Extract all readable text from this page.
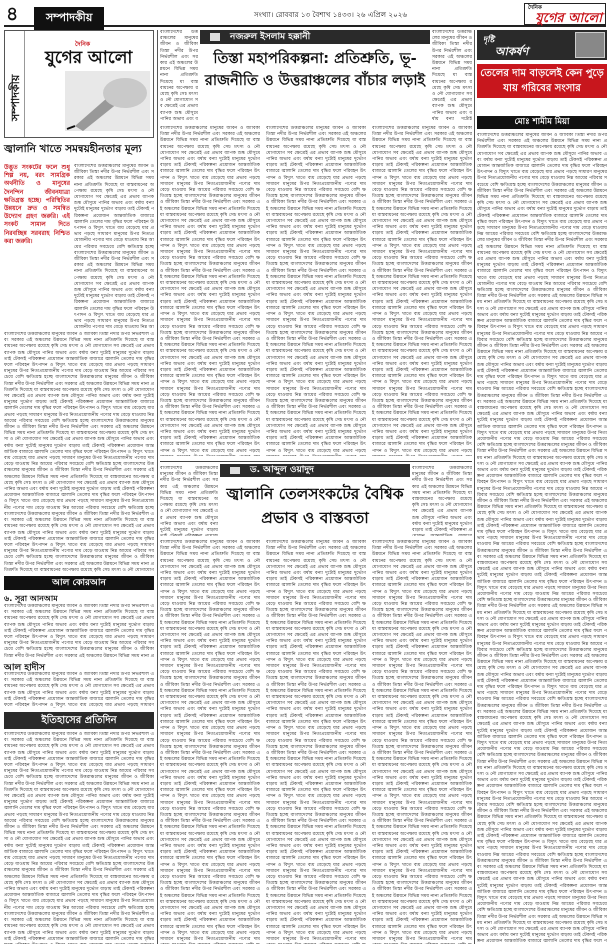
৪	সম্পাদকীয়	সংখ্যা। রোববার ১৩ বৈশাখ ১৪৩৩। ২৬ এপ্রিল ২০২৬
দৈনিক
যুগের আলো
সম্পাদকীয়
দৈনিক
যুগের আলো
জ্বালানি খাতে সমন্বয়হীনতার মূল্য
উদ্ভূত সংকটের ফলে শুধু শিল্প নয়, বরং সামগ্রিক অর্থনীতি ও মানুষের দৈনন্দিন জীবনযাত্রা ক্ষতিগ্রস্ত হচ্ছে। পরিস্থিতির উন্নয়নে দ্রুত ও সমন্বিত উদ্যোগ গ্রহণ জরুরি। এই সংকট সামাল দিতে নিরবচ্ছিন্ন সরবরাহ নিশ্চিত করা জরুরি।
বাংলাদেশের উত্তরাঞ্চলের মানুষের জীবন ও জীবিকা তিস্তা নদীর উপর নির্ভরশীল এবং সরকার এই অঞ্চলের উন্নয়নে বিভিন্ন সময় নানা প্রতিশ্রুতি দিয়েছে যা বাস্তবায়নের অপেক্ষায় রয়েছে কৃষি সেচ মৎস্য ও নৌ যোগাযোগ সব ক্ষেত্রেই এর প্রভাব ব্যাপক শুষ্ক মৌসুমে পানির অভাব এবং বর্ষায় বন্যা দুটোই মানুষের দুর্ভোগ বাড়ায় তাই টেকসই পরিকল্পনা প্রয়োজন আন্তর্জাতিক বাজারে জ্বালানি তেলের দাম বৃদ্ধির ফলে পরিবহন উৎপাদন ও বিদ্যুৎ খাতে ব্যয় বেড়েছে যার প্রভাব পড়ছে সাধারণ মানুষের উপর নিত্যপ্রয়োজনীয় পণ্যের দাম বেড়ে যাওয়ায় নিম্ন আয়ের পরিবার সবচেয়ে বেশি ক্ষতিগ্রস্ত হচ্ছে বাংলাদেশের উত্তরাঞ্চলের মানুষের জীবন ও জীবিকা তিস্তা নদীর উপর নির্ভরশীল এবং সরকার এই অঞ্চলের উন্নয়নে বিভিন্ন সময় নানা প্রতিশ্রুতি দিয়েছে যা বাস্তবায়নের অপেক্ষায় রয়েছে কৃষি সেচ মৎস্য ও নৌ যোগাযোগ সব ক্ষেত্রেই এর প্রভাব ব্যাপক শুষ্ক মৌসুমে পানির অভাব এবং বর্ষায় বন্যা দুটোই মানুষের দুর্ভোগ বাড়ায় তাই টেকসই পরিকল্পনা প্রয়োজন আন্তর্জাতিক বাজারে জ্বালানি তেলের দাম বৃদ্ধির ফলে পরিবহন উৎপাদন ও বিদ্যুৎ খাতে ব্যয় বেড়েছে যার প্রভাব পড়ছে সাধারণ মানুষের উপর নিত্যপ্রয়োজনীয় পণ্যের দাম বেড়ে যাওয়ায় নিম্ন আ
বাংলাদেশের উত্তরাঞ্চলের মানুষের জীবন ও জীবিকা তিস্তা নদীর উপর নির্ভরশীল এবং সরকার এই অঞ্চলের উন্নয়নে বিভিন্ন সময় নানা প্রতিশ্রুতি দিয়েছে যা বাস্তবায়নের অপেক্ষায় রয়েছে কৃষি সেচ মৎস্য ও নৌ যোগাযোগ সব ক্ষেত্রেই এর প্রভাব ব্যাপক শুষ্ক মৌসুমে পানির অভাব এবং বর্ষায় বন্যা দুটোই মানুষের দুর্ভোগ বাড়ায় তাই টেকসই পরিকল্পনা প্রয়োজন আন্তর্জাতিক বাজারে জ্বালানি তেলের দাম বৃদ্ধির ফলে পরিবহন উৎপাদন ও বিদ্যুৎ খাতে ব্যয় বেড়েছে যার প্রভাব পড়ছে সাধারণ মানুষের উপর নিত্যপ্রয়োজনীয় পণ্যের দাম বেড়ে যাওয়ায় নিম্ন আয়ের পরিবার সবচেয়ে বেশি ক্ষতিগ্রস্ত হচ্ছে বাংলাদেশের উত্তরাঞ্চলের মানুষের জীবন ও জীবিকা তিস্তা নদীর উপর নির্ভরশীল এবং সরকার এই অঞ্চলের উন্নয়নে বিভিন্ন সময় নানা প্রতিশ্রুতি দিয়েছে যা বাস্তবায়নের অপেক্ষায় রয়েছে কৃষি সেচ মৎস্য ও নৌ যোগাযোগ সব ক্ষেত্রেই এর প্রভাব ব্যাপক শুষ্ক মৌসুমে পানির অভাব এবং বর্ষায় বন্যা দুটোই মানুষের দুর্ভোগ বাড়ায় তাই টেকসই পরিকল্পনা প্রয়োজন আন্তর্জাতিক বাজারে জ্বালানি তেলের দাম বৃদ্ধির ফলে পরিবহন উৎপাদন ও বিদ্যুৎ খাতে ব্যয় বেড়েছে যার প্রভাব পড়ছে সাধারণ মানুষের উপর নিত্যপ্রয়োজনীয় পণ্যের দাম বেড়ে যাওয়ায় নিম্ন আয়ের পরিবার সবচেয়ে বেশি ক্ষতিগ্রস্ত হচ্ছে বাংলাদেশের উত্তরাঞ্চলের মানুষের জীবন ও জীবিকা তিস্তা নদীর উপর নির্ভরশীল এবং সরকার এই অঞ্চলের উন্নয়নে বিভিন্ন সময় নানা প্রতিশ্রুতি দিয়েছে যা বাস্তবায়নের অপেক্ষায় রয়েছে কৃষি সেচ মৎস্য ও নৌ যোগাযোগ সব ক্ষেত্রেই এর প্রভাব ব্যাপক শুষ্ক মৌসুমে পানির অভাব এবং বর্ষায় বন্যা দুটোই মানুষের দুর্ভোগ বাড়ায় তাই টেকসই পরিকল্পনা প্রয়োজন আন্তর্জাতিক বাজারে জ্বালানি তেলের দাম বৃদ্ধির ফলে পরিবহন উৎপাদন ও বিদ্যুৎ খাতে ব্যয় বেড়েছে যার প্রভাব পড়ছে সাধারণ মানুষের উপর নিত্যপ্রয়োজনীয় পণ্যের দাম বেড়ে যাওয়ায় নিম্ন আয়ের পরিবার সবচেয়ে বেশি ক্ষতিগ্রস্ত হচ্ছে বাংলাদেশের উত্তরাঞ্চলের মানুষের জীবন ও জীবিকা তিস্তা নদীর উপর নির্ভরশীল এবং সরকার এই অঞ্চলের উন্নয়নে বিভিন্ন সময় নানা প্রতিশ্রুতি দিয়েছে যা বাস্তবায়নের অপেক্ষায় রয়েছে কৃষি সেচ মৎস্য ও নৌ যোগাযোগ সব ক্ষেত্রেই এর প্রভাব ব্যাপক শুষ্ক মৌসুমে পানির অভাব এবং বর্ষায় বন্যা দুটোই মানুষের দুর্ভোগ বাড়ায় তাই টেকসই পরিকল্পনা প্রয়োজন আন্তর্জাতিক বাজারে জ্বালানি তেলের দাম বৃদ্ধির ফলে পরিবহন উৎপাদন ও বিদ্যুৎ খাতে ব্যয় বেড়েছে যার প্রভাব পড়ছে সাধারণ মানুষের উপর নিত্যপ্রয়োজনীয় পণ্যের দাম বেড়ে যাওয়ায় নিম্ন আয়ের পরিবার সবচেয়ে বেশি ক্ষতিগ্রস্ত হচ্ছে বাংলাদেশের উত্তরাঞ্চলের মানুষের জীবন ও জীবিকা তিস্তা নদীর উপর নির্ভরশীল এবং সরকার এই অঞ্চলের উন্নয়নে বিভিন্ন সময় নানা প্রতিশ্রুতি দিয়েছে যা বাস্তবায়নের অপেক্ষায় রয়েছে কৃষি সেচ মৎস্য ও নৌ যোগাযোগ সব ক্ষেত্রেই এর প্রভাব ব্যাপক শুষ্ক মৌসুমে পানির অভাব এবং বর্ষায় বন্যা দুটোই মানুষের দুর্ভোগ বাড়ায় তাই টেকসই পরিকল্পনা প্রয়োজন আন্তর্জাতিক বাজারে জ্বালানি তেলের দাম বৃদ্ধির ফলে পরিবহন উৎপাদন ও বিদ্যুৎ খাতে ব্যয় বেড়েছে যার প্রভাব পড়ছে সাধারণ মানুষের উপর নিত্যপ্রয়োজনীয় পণ্যের দাম বেড়ে যাওয়ায় নিম্ন আয়ের পরিবার সবচেয়ে বেশি ক্ষতিগ্রস্ত হচ্ছে বাংলাদেশের উত্তরাঞ্চলের মানুষের জীবন ও জীবিকা তিস্তা নদীর উপর নির্ভরশীল এবং সরকার এই অঞ্চলের উন্নয়নে বিভিন্ন সময় নানা প্রতিশ্রুতি দিয়েছে যা বাস্তবায়নের অপেক্ষায় রয়েছে কৃষি সেচ মৎস্য ও নৌ যোগাযোগ
আল কোরআন
৬. সূরা আনআম
বাংলাদেশের উত্তরাঞ্চলের মানুষের জীবন ও জীবিকা তিস্তা নদীর উপর নির্ভরশীল এবং সরকার এই অঞ্চলের উন্নয়নে বিভিন্ন সময় নানা প্রতিশ্রুতি দিয়েছে যা বাস্তবায়নের অপেক্ষায় রয়েছে কৃষি সেচ মৎস্য ও নৌ যোগাযোগ সব ক্ষেত্রেই এর প্রভাব ব্যাপক শুষ্ক মৌসুমে পানির অভাব এবং বর্ষায় বন্যা দুটোই মানুষের দুর্ভোগ বাড়ায় তাই টেকসই পরিকল্পনা প্রয়োজন আন্তর্জাতিক বাজারে জ্বালানি তেলের দাম বৃদ্ধির ফলে পরিবহন উৎপাদন ও বিদ্যুৎ খাতে ব্যয় বেড়েছে যার প্রভাব পড়ছে সাধারণ মানুষের উপর নিত্যপ্রয়োজনীয় পণ্যের দাম বেড়ে যাওয়ায় নিম্ন আয়ের পরিবার সবচেয়ে বেশি ক্ষতিগ্রস্ত হচ্ছে বাংলাদেশের উত্তরাঞ্চলের মানুষের জীবন ও জীবিকা তিস্তা নদীর উপর নির্ভরশীল এবং সরকার এই অঞ্চলের উন্নয়নে বিভিন্ন সময় নানা প্র
আল হাদীস
বাংলাদেশের উত্তরাঞ্চলের মানুষের জীবন ও জীবিকা তিস্তা নদীর উপর নির্ভরশীল এবং সরকার এই অঞ্চলের উন্নয়নে বিভিন্ন সময় নানা প্রতিশ্রুতি দিয়েছে যা বাস্তবায়নের অপেক্ষায় রয়েছে কৃষি সেচ মৎস্য ও নৌ যোগাযোগ সব ক্ষেত্রেই এর প্রভাব ব্যাপক শুষ্ক মৌসুমে পানির অভাব এবং বর্ষায় বন্যা দুটোই মানুষের দুর্ভোগ বাড়ায় তাই টেকসই পরিকল্পনা প্রয়োজন আন্তর্জাতিক বাজারে জ্বালানি তেলের দাম বৃদ্ধির ফলে পরিবহন উৎপাদন ও বিদ্যুৎ খাতে ব্যয় বেড়েছে যার প্রভাব পড়ছে সাধারণ
ইতিহাসের প্রতিদিন
বাংলাদেশের উত্তরাঞ্চলের মানুষের জীবন ও জীবিকা তিস্তা নদীর উপর নির্ভরশীল এবং সরকার এই অঞ্চলের উন্নয়নে বিভিন্ন সময় নানা প্রতিশ্রুতি দিয়েছে যা বাস্তবায়নের অপেক্ষায় রয়েছে কৃষি সেচ মৎস্য ও নৌ যোগাযোগ সব ক্ষেত্রেই এর প্রভাব ব্যাপক শুষ্ক মৌসুমে পানির অভাব এবং বর্ষায় বন্যা দুটোই মানুষের দুর্ভোগ বাড়ায় তাই টেকসই পরিকল্পনা প্রয়োজন আন্তর্জাতিক বাজারে জ্বালানি তেলের দাম বৃদ্ধির ফলে পরিবহন উৎপাদন ও বিদ্যুৎ খাতে ব্যয় বেড়েছে যার প্রভাব পড়ছে সাধারণ মানুষের উপর নিত্যপ্রয়োজনীয় পণ্যের দাম বেড়ে যাওয়ায় নিম্ন আয়ের পরিবার সবচেয়ে বেশি ক্ষতিগ্রস্ত হচ্ছে বাংলাদেশের উত্তরাঞ্চলের মানুষের জীবন ও জীবিকা তিস্তা নদীর উপর নির্ভরশীল এবং সরকার এই অঞ্চলের উন্নয়নে বিভিন্ন সময় নানা প্রতিশ্রুতি দিয়েছে যা বাস্তবায়নের অপেক্ষায় রয়েছে কৃষি সেচ মৎস্য ও নৌ যোগাযোগ সব ক্ষেত্রেই এর প্রভাব ব্যাপক শুষ্ক মৌসুমে পানির অভাব এবং বর্ষায় বন্যা দুটোই মানুষের দুর্ভোগ বাড়ায় তাই টেকসই পরিকল্পনা প্রয়োজন আন্তর্জাতিক বাজারে জ্বালানি তেলের দাম বৃদ্ধির ফলে পরিবহন উৎপাদন ও বিদ্যুৎ খাতে ব্যয় বেড়েছে যার প্রভাব পড়ছে সাধারণ মানুষের উপর নিত্যপ্রয়োজনীয় পণ্যের দাম বেড়ে যাওয়ায় নিম্ন আয়ের পরিবার সবচেয়ে বেশি ক্ষতিগ্রস্ত হচ্ছে বাংলাদেশের উত্তরাঞ্চলের মানুষের জীবন ও জীবিকা তিস্তা নদীর উপর নির্ভরশীল এবং সরকার এই অঞ্চলের উন্নয়নে বিভিন্ন সময় নানা প্রতিশ্রুতি দিয়েছে যা বাস্তবায়নের অপেক্ষায় রয়েছে কৃষি সেচ মৎস্য ও নৌ যোগাযোগ সব ক্ষেত্রেই এর প্রভাব ব্যাপক শুষ্ক মৌসুমে পানির অভাব এবং বর্ষায় বন্যা দুটোই মানুষের দুর্ভোগ বাড়ায় তাই টেকসই পরিকল্পনা প্রয়োজন আন্তর্জাতিক বাজারে জ্বালানি তেলের দাম বৃদ্ধির ফলে পরিবহন উৎপাদন ও বিদ্যুৎ খাতে ব্যয় বেড়েছে যার প্রভাব পড়ছে সাধারণ মানুষের উপর নিত্যপ্রয়োজনীয় পণ্যের দাম বেড়ে যাওয়ায় নিম্ন আয়ের পরিবার সবচেয়ে বেশি ক্ষতিগ্রস্ত হচ্ছে বাংলাদেশের উত্তরাঞ্চলের মানুষের জীবন ও জীবিকা তিস্তা নদীর উপর নির্ভরশীল এবং সরকার এই অঞ্চলের উন্নয়নে বিভিন্ন সময় নানা প্রতিশ্রুতি দিয়েছে যা বাস্তবায়নের অপেক্ষায় রয়েছে কৃষি সেচ মৎস্য ও নৌ যোগাযোগ সব ক্ষেত্রেই এর প্রভাব ব্যাপক শুষ্ক মৌসুমে পানির অভাব এবং বর্ষায় বন্যা দুটোই মানুষের দুর্ভোগ বাড়ায় তাই টেকসই পরিকল্পনা প্রয়োজন আন্তর্জাতিক বাজারে জ্বালানি তেলের দাম বৃদ্ধির ফলে পরিবহন উৎপাদন ও বিদ্যুৎ খাতে ব্যয় বেড়েছে যার প্রভাব পড়ছে সাধারণ মানুষের উপর নিত্যপ্রয়োজনীয় পণ্যের দাম বেড়ে যাওয়ায় নিম্ন আয়ের পরিবার সবচেয়ে বেশি ক্ষতিগ্রস্ত হচ্ছে বাংলাদেশের উত্তরাঞ্চলের মানুষের জীবন ও জীবিকা তিস্তা নদীর উপর নির্ভরশীল এবং সরকার এই অঞ্চলের উন্নয়নে বিভিন্ন সময় নানা প্রতিশ্রুতি দিয়েছে যা বাস্তবায়নের অপেক্ষায় রয়েছে কৃষি সেচ মৎস্য ও নৌ যোগাযোগ সব ক্ষেত্রেই এর প্রভাব ব্যাপক শুষ্ক মৌসুমে পানির অভাব এবং বর্ষায় বন্যা দুটোই মানুষের দুর্ভোগ বাড়ায় তাই টেকসই পরিকল্পনা প্রয়োজন আন্তর্জাতিক বাজারে জ্বালানি তেলের দাম বৃদ্ধির
বাংলাদেশের উত্তরাঞ্চলের মানুষের জীবন ও জীবিকা তিস্তা নদীর উপর নির্ভরশীল এবং সরকার এই অঞ্চলের উন্নয়নে বিভিন্ন সময় নানা প্রতিশ্রুতি দিয়েছে যা বাস্তবায়নের অপেক্ষায় রয়েছে কৃষি সেচ মৎস্য ও নৌ যোগাযোগ সব ক্ষেত্রেই এর প্রভাব ব্যাপক শুষ্ক মৌসুমে পানির অভাব এবং ব
নজরুল ইসলাম হক্কানী
তিস্তা মহাপরিকল্পনা: প্রতিশ্রুতি, ভূ-রাজনীতি ও উত্তরাঞ্চলের বাঁচার লড়াই
বাংলাদেশের উত্তরাঞ্চলের মানুষের জীবন ও জীবিকা তিস্তা নদীর উপর নির্ভরশীল এবং সরকার এই অঞ্চলের উন্নয়নে বিভিন্ন সময় নানা প্রতিশ্রুতি দিয়েছে যা বাস্তবায়নের অপেক্ষায় রয়েছে কৃষি সেচ মৎস্য ও নৌ যোগাযোগ সব ক্ষেত্রেই এর প্রভাব ব্যাপক শুষ্ক মৌসুমে পানির অভাব এবং বর্ষায় বন্যা দুটোই
বাংলাদেশের উত্তরাঞ্চলের মানুষের জীবন ও জীবিকা তিস্তা নদীর উপর নির্ভরশীল এবং সরকার এই অঞ্চলের উন্নয়নে বিভিন্ন সময় নানা প্রতিশ্রুতি দিয়েছে যা বাস্তবায়নের অপেক্ষায় রয়েছে কৃষি সেচ মৎস্য ও নৌ যোগাযোগ সব ক্ষেত্রেই এর প্রভাব ব্যাপক শুষ্ক মৌসুমে পানির অভাব এবং বর্ষায় বন্যা দুটোই মানুষের দুর্ভোগ বাড়ায় তাই টেকসই পরিকল্পনা প্রয়োজন আন্তর্জাতিক বাজারে জ্বালানি তেলের দাম বৃদ্ধির ফলে পরিবহন উৎপাদন ও বিদ্যুৎ খাতে ব্যয় বেড়েছে যার প্রভাব পড়ছে সাধারণ মানুষের উপর নিত্যপ্রয়োজনীয় পণ্যের দাম বেড়ে যাওয়ায় নিম্ন আয়ের পরিবার সবচেয়ে বেশি ক্ষতিগ্রস্ত হচ্ছে বাংলাদেশের উত্তরাঞ্চলের মানুষের জীবন ও জীবিকা তিস্তা নদীর উপর নির্ভরশীল এবং সরকার এই অঞ্চলের উন্নয়নে বিভিন্ন সময় নানা প্রতিশ্রুতি দিয়েছে যা বাস্তবায়নের অপেক্ষায় রয়েছে কৃষি সেচ মৎস্য ও নৌ যোগাযোগ সব ক্ষেত্রেই এর প্রভাব ব্যাপক শুষ্ক মৌসুমে পানির অভাব এবং বর্ষায় বন্যা দুটোই মানুষের দুর্ভোগ বাড়ায় তাই টেকসই পরিকল্পনা প্রয়োজন আন্তর্জাতিক বাজারে জ্বালানি তেলের দাম বৃদ্ধির ফলে পরিবহন উৎপাদন ও বিদ্যুৎ খাতে ব্যয় বেড়েছে যার প্রভাব পড়ছে সাধারণ মানুষের উপর নিত্যপ্রয়োজনীয় পণ্যের দাম বেড়ে যাওয়ায় নিম্ন আয়ের পরিবার সবচেয়ে বেশি ক্ষতিগ্রস্ত হচ্ছে বাংলাদেশের উত্তরাঞ্চলের মানুষের জীবন ও জীবিকা তিস্তা নদীর উপর নির্ভরশীল এবং সরকার এই অঞ্চলের উন্নয়নে বিভিন্ন সময় নানা প্রতিশ্রুতি দিয়েছে যা বাস্তবায়নের অপেক্ষায় রয়েছে কৃষি সেচ মৎস্য ও নৌ যোগাযোগ সব ক্ষেত্রেই এর প্রভাব ব্যাপক শুষ্ক মৌসুমে পানির অভাব এবং বর্ষায় বন্যা দুটোই মানুষের দুর্ভোগ বাড়ায় তাই টেকসই পরিকল্পনা প্রয়োজন আন্তর্জাতিক বাজারে জ্বালানি তেলের দাম বৃদ্ধির ফলে পরিবহন উৎপাদন ও বিদ্যুৎ খাতে ব্যয় বেড়েছে যার প্রভাব পড়ছে সাধারণ মানুষের উপর নিত্যপ্রয়োজনীয় পণ্যের দাম বেড়ে যাওয়ায় নিম্ন আয়ের পরিবার সবচেয়ে বেশি ক্ষতিগ্রস্ত হচ্ছে বাংলাদেশের উত্তরাঞ্চলের মানুষের জীবন ও জীবিকা তিস্তা নদীর উপর নির্ভরশীল এবং সরকার এই অঞ্চলের উন্নয়নে বিভিন্ন সময় নানা প্রতিশ্রুতি দিয়েছে যা বাস্তবায়নের অপেক্ষায় রয়েছে কৃষি সেচ মৎস্য ও নৌ যোগাযোগ সব ক্ষেত্রেই এর প্রভাব ব্যাপক শুষ্ক মৌসুমে পানির অভাব এবং বর্ষায় বন্যা দুটোই মানুষের দুর্ভোগ বাড়ায় তাই টেকসই পরিকল্পনা প্রয়োজন আন্তর্জাতিক বাজারে জ্বালানি তেলের দাম বৃদ্ধির ফলে পরিবহন উৎপাদন ও বিদ্যুৎ খাতে ব্যয় বেড়েছে যার প্রভাব পড়ছে সাধারণ মানুষের উপর নিত্যপ্রয়োজনীয় পণ্যের দাম বেড়ে যাওয়ায় নিম্ন আয়ের পরিবার সবচেয়ে বেশি ক্ষতিগ্রস্ত হচ্ছে বাংলাদেশের উত্তরাঞ্চলের মানুষের জীবন ও জীবিকা তিস্তা নদীর উপর নির্ভরশীল এবং সরকার এই অঞ্চলের উন্নয়নে বিভিন্ন সময় নানা প্রতিশ্রুতি দিয়েছে যা বাস্তবায়নের অপেক্ষায় রয়েছে কৃষি সেচ মৎস্য ও নৌ যোগাযোগ সব ক্ষেত্রেই এর প্রভাব ব্যাপক শুষ্ক মৌসুমে পানির অভাব এবং বর্ষায় বন্যা দুটোই মানুষের দুর্ভোগ বাড়ায় তাই টেকসই পরিকল্পনা প্রয়োজন আন্তর্জাতিক বাজারে জ্বালানি তেলের দাম বৃদ্ধির ফলে পরিবহন উৎপাদন ও বিদ্যুৎ খাতে ব্যয় বেড়েছে যার প্রভাব পড়ছে
বাংলাদেশের উত্তরাঞ্চলের মানুষের জীবন ও জীবিকা তিস্তা নদীর উপর নির্ভরশীল এবং সরকার এই অঞ্চলের উন্নয়নে বিভিন্ন সময় নানা প্রতিশ্রুতি দিয়েছে যা বাস্তবায়নের অপেক্ষায় রয়েছে কৃষি সেচ মৎস্য ও নৌ যোগাযোগ সব ক্ষেত্রেই এর প্রভাব ব্যাপক শুষ্ক মৌসুমে পানির অভাব এবং বর্ষায় বন্যা দুটোই মানুষের দুর্ভোগ বাড়ায় তাই টেকসই পরিকল্পনা প্রয়োজন আন্তর্জাতিক বাজারে জ্বালানি তেলের দাম বৃদ্ধির ফলে পরিবহন উৎপাদন ও বিদ্যুৎ খাতে ব্যয় বেড়েছে যার প্রভাব পড়ছে সাধারণ মানুষের উপর নিত্যপ্রয়োজনীয় পণ্যের দাম বেড়ে যাওয়ায় নিম্ন আয়ের পরিবার সবচেয়ে বেশি ক্ষতিগ্রস্ত হচ্ছে বাংলাদেশের উত্তরাঞ্চলের মানুষের জীবন ও জীবিকা তিস্তা নদীর উপর নির্ভরশীল এবং সরকার এই অঞ্চলের উন্নয়নে বিভিন্ন সময় নানা প্রতিশ্রুতি দিয়েছে যা বাস্তবায়নের অপেক্ষায় রয়েছে কৃষি সেচ মৎস্য ও নৌ যোগাযোগ সব ক্ষেত্রেই এর প্রভাব ব্যাপক শুষ্ক মৌসুমে পানির অভাব এবং বর্ষায় বন্যা দুটোই মানুষের দুর্ভোগ বাড়ায় তাই টেকসই পরিকল্পনা প্রয়োজন আন্তর্জাতিক বাজারে জ্বালানি তেলের দাম বৃদ্ধির ফলে পরিবহন উৎপাদন ও বিদ্যুৎ খাতে ব্যয় বেড়েছে যার প্রভাব পড়ছে সাধারণ মানুষের উপর নিত্যপ্রয়োজনীয় পণ্যের দাম বেড়ে যাওয়ায় নিম্ন আয়ের পরিবার সবচেয়ে বেশি ক্ষতিগ্রস্ত হচ্ছে বাংলাদেশের উত্তরাঞ্চলের মানুষের জীবন ও জীবিকা তিস্তা নদীর উপর নির্ভরশীল এবং সরকার এই অঞ্চলের উন্নয়নে বিভিন্ন সময় নানা প্রতিশ্রুতি দিয়েছে যা বাস্তবায়নের অপেক্ষায় রয়েছে কৃষি সেচ মৎস্য ও নৌ যোগাযোগ সব ক্ষেত্রেই এর প্রভাব ব্যাপক শুষ্ক মৌসুমে পানির অভাব এবং বর্ষায় বন্যা দুটোই মানুষের দুর্ভোগ বাড়ায় তাই টেকসই পরিকল্পনা প্রয়োজন আন্তর্জাতিক বাজারে জ্বালানি তেলের দাম বৃদ্ধির ফলে পরিবহন উৎপাদন ও বিদ্যুৎ খাতে ব্যয় বেড়েছে যার প্রভাব পড়ছে সাধারণ মানুষের উপর নিত্যপ্রয়োজনীয় পণ্যের দাম বেড়ে যাওয়ায় নিম্ন আয়ের পরিবার সবচেয়ে বেশি ক্ষতিগ্রস্ত হচ্ছে বাংলাদেশের উত্তরাঞ্চলের মানুষের জীবন ও জীবিকা তিস্তা নদীর উপর নির্ভরশীল এবং সরকার এই অঞ্চলের উন্নয়নে বিভিন্ন সময় নানা প্রতিশ্রুতি দিয়েছে যা বাস্তবায়নের অপেক্ষায় রয়েছে কৃষি সেচ মৎস্য ও নৌ যোগাযোগ সব ক্ষেত্রেই এর প্রভাব ব্যাপক শুষ্ক মৌসুমে পানির অভাব এবং বর্ষায় বন্যা দুটোই মানুষের দুর্ভোগ বাড়ায় তাই টেকসই পরিকল্পনা প্রয়োজন আন্তর্জাতিক বাজারে জ্বালানি তেলের দাম বৃদ্ধির ফলে পরিবহন উৎপাদন ও বিদ্যুৎ খাতে ব্যয় বেড়েছে যার প্রভাব পড়ছে সাধারণ মানুষের উপর নিত্যপ্রয়োজনীয় পণ্যের দাম বেড়ে যাওয়ায় নিম্ন আয়ের পরিবার সবচেয়ে বেশি ক্ষতিগ্রস্ত হচ্ছে বাংলাদেশের উত্তরাঞ্চলের মানুষের জীবন ও জীবিকা তিস্তা নদীর উপর নির্ভরশীল এবং সরকার এই অঞ্চলের উন্নয়নে বিভিন্ন সময় নানা প্রতিশ্রুতি দিয়েছে যা বাস্তবায়নের অপেক্ষায় রয়েছে কৃষি সেচ মৎস্য ও নৌ যোগাযোগ সব ক্ষেত্রেই এর প্রভাব ব্যাপক শুষ্ক মৌসুমে পানির অভাব এবং বর্ষায় বন্যা দুটোই মানুষের দুর্ভোগ বাড়ায় তাই টেকসই পরিকল্পনা প্রয়োজন আন্তর্জাতিক বাজারে জ্বালানি তেলের দাম বৃদ্ধির ফলে পরিবহন উৎপাদন ও বিদ্যুৎ খাতে ব্যয় বেড়েছে যার প্রভাব পড়ছে
বাংলাদেশের উত্তরাঞ্চলের মানুষের জীবন ও জীবিকা তিস্তা নদীর উপর নির্ভরশীল এবং সরকার এই অঞ্চলের উন্নয়নে বিভিন্ন সময় নানা প্রতিশ্রুতি দিয়েছে যা বাস্তবায়নের অপেক্ষায় রয়েছে কৃষি সেচ মৎস্য ও নৌ যোগাযোগ সব ক্ষেত্রেই এর প্রভাব ব্যাপক শুষ্ক মৌসুমে পানির অভাব এবং বর্ষায় বন্যা দুটোই মানুষের দুর্ভোগ বাড়ায় তাই টেকসই পরিকল্পনা প্রয়োজন আন্তর্জাতিক বাজারে জ্বালানি তেলের দাম বৃদ্ধির ফলে পরিবহন উৎপাদন ও বিদ্যুৎ খাতে ব্যয় বেড়েছে যার প্রভাব পড়ছে সাধারণ মানুষের উপর নিত্যপ্রয়োজনীয় পণ্যের দাম বেড়ে যাওয়ায় নিম্ন আয়ের পরিবার সবচেয়ে বেশি ক্ষতিগ্রস্ত হচ্ছে বাংলাদেশের উত্তরাঞ্চলের মানুষের জীবন ও জীবিকা তিস্তা নদীর উপর নির্ভরশীল এবং সরকার এই অঞ্চলের উন্নয়নে বিভিন্ন সময় নানা প্রতিশ্রুতি দিয়েছে যা বাস্তবায়নের অপেক্ষায় রয়েছে কৃষি সেচ মৎস্য ও নৌ যোগাযোগ সব ক্ষেত্রেই এর প্রভাব ব্যাপক শুষ্ক মৌসুমে পানির অভাব এবং বর্ষায় বন্যা দুটোই মানুষের দুর্ভোগ বাড়ায় তাই টেকসই পরিকল্পনা প্রয়োজন আন্তর্জাতিক বাজারে জ্বালানি তেলের দাম বৃদ্ধির ফলে পরিবহন উৎপাদন ও বিদ্যুৎ খাতে ব্যয় বেড়েছে যার প্রভাব পড়ছে সাধারণ মানুষের উপর নিত্যপ্রয়োজনীয় পণ্যের দাম বেড়ে যাওয়ায় নিম্ন আয়ের পরিবার সবচেয়ে বেশি ক্ষতিগ্রস্ত হচ্ছে বাংলাদেশের উত্তরাঞ্চলের মানুষের জীবন ও জীবিকা তিস্তা নদীর উপর নির্ভরশীল এবং সরকার এই অঞ্চলের উন্নয়নে বিভিন্ন সময় নানা প্রতিশ্রুতি দিয়েছে যা বাস্তবায়নের অপেক্ষায় রয়েছে কৃষি সেচ মৎস্য ও নৌ যোগাযোগ সব ক্ষেত্রেই এর প্রভাব ব্যাপক শুষ্ক মৌসুমে পানির অভাব এবং বর্ষায় বন্যা দুটোই মানুষের দুর্ভোগ বাড়ায় তাই টেকসই পরিকল্পনা প্রয়োজন আন্তর্জাতিক বাজারে জ্বালানি তেলের দাম বৃদ্ধির ফলে পরিবহন উৎপাদন ও বিদ্যুৎ খাতে ব্যয় বেড়েছে যার প্রভাব পড়ছে সাধারণ মানুষের উপর নিত্যপ্রয়োজনীয় পণ্যের দাম বেড়ে যাওয়ায় নিম্ন আয়ের পরিবার সবচেয়ে বেশি ক্ষতিগ্রস্ত হচ্ছে বাংলাদেশের উত্তরাঞ্চলের মানুষের জীবন ও জীবিকা তিস্তা নদীর উপর নির্ভরশীল এবং সরকার এই অঞ্চলের উন্নয়নে বিভিন্ন সময় নানা প্রতিশ্রুতি দিয়েছে যা বাস্তবায়নের অপেক্ষায় রয়েছে কৃষি সেচ মৎস্য ও নৌ যোগাযোগ সব ক্ষেত্রেই এর প্রভাব ব্যাপক শুষ্ক মৌসুমে পানির অভাব এবং বর্ষায় বন্যা দুটোই মানুষের দুর্ভোগ বাড়ায় তাই টেকসই পরিকল্পনা প্রয়োজন আন্তর্জাতিক বাজারে জ্বালানি তেলের দাম বৃদ্ধির ফলে পরিবহন উৎপাদন ও বিদ্যুৎ খাতে ব্যয় বেড়েছে যার প্রভাব পড়ছে সাধারণ মানুষের উপর নিত্যপ্রয়োজনীয় পণ্যের দাম বেড়ে যাওয়ায় নিম্ন আয়ের পরিবার সবচেয়ে বেশি ক্ষতিগ্রস্ত হচ্ছে বাংলাদেশের উত্তরাঞ্চলের মানুষের জীবন ও জীবিকা তিস্তা নদীর উপর নির্ভরশীল এবং সরকার এই অঞ্চলের উন্নয়নে বিভিন্ন সময় নানা প্রতিশ্রুতি দিয়েছে যা বাস্তবায়নের অপেক্ষায় রয়েছে কৃষি সেচ মৎস্য ও নৌ যোগাযোগ সব ক্ষেত্রেই এর প্রভাব ব্যাপক শুষ্ক মৌসুমে পানির অভাব এবং বর্ষায় বন্যা দুটোই মানুষের দুর্ভোগ বাড়ায় তাই টেকসই পরিকল্পনা প্রয়োজন আন্তর্জাতিক বাজারে জ্বালানি তেলের দাম বৃদ্ধির ফলে পরিবহন উৎপাদন ও বিদ্যুৎ খাতে ব্যয় বেড়েছে যার প্রভাব পড়ছে
বাংলাদেশের উত্তরাঞ্চলের মানুষের জীবন ও জীবিকা তিস্তা নদীর উপর নির্ভরশীল এবং সরকার এই অঞ্চলের উন্নয়নে বিভিন্ন সময় নানা প্রতিশ্রুতি দিয়েছে যা বাস্তবায়নের অপেক্ষায় রয়েছে কৃষি সেচ মৎস্য ও নৌ যোগাযোগ সব ক্ষেত্রেই এর প্রভাব ব্যাপক শুষ্ক মৌসুমে পানির অভাব এবং বর্ষায় বন্যা দুটোই মানুষের দুর্ভোগ বাড়ায়
ড. আব্দুল ওয়াদুদ
জ্বালানি তেলসংকটের বৈশ্বিক প্রভাব ও বাস্তবতা
বাংলাদেশের উত্তরাঞ্চলের মানুষের জীবন ও জীবিকা তিস্তা নদীর উপর নির্ভরশীল এবং সরকার এই অঞ্চলের উন্নয়নে বিভিন্ন সময় নানা প্রতিশ্রুতি দিয়েছে যা বাস্তবায়নের অপেক্ষায় রয়েছে কৃষি সেচ মৎস্য ও নৌ যোগাযোগ সব ক্ষেত্রেই এর প্রভাব ব্যাপক শুষ্ক মৌসুমে পানির অভাব এবং বর্ষায় বন্যা দুটোই মানুষের দুর্ভোগ বাড়ায় তাই টেকসই পরিকল্পনা প্র
বাংলাদেশের উত্তরাঞ্চলের মানুষের জীবন ও জীবিকা তিস্তা নদীর উপর নির্ভরশীল এবং সরকার এই অঞ্চলের উন্নয়নে বিভিন্ন সময় নানা প্রতিশ্রুতি দিয়েছে যা বাস্তবায়নের অপেক্ষায় রয়েছে কৃষি সেচ মৎস্য ও নৌ যোগাযোগ সব ক্ষেত্রেই এর প্রভাব ব্যাপক শুষ্ক মৌসুমে পানির অভাব এবং বর্ষায় বন্যা দুটোই মানুষের দুর্ভোগ বাড়ায় তাই টেকসই পরিকল্পনা প্রয়োজন আন্তর্জাতিক বাজারে জ্বালানি তেলের দাম বৃদ্ধির ফলে পরিবহন উৎপাদন ও বিদ্যুৎ খাতে ব্যয় বেড়েছে যার প্রভাব পড়ছে সাধারণ মানুষের উপর নিত্যপ্রয়োজনীয় পণ্যের দাম বেড়ে যাওয়ায় নিম্ন আয়ের পরিবার সবচেয়ে বেশি ক্ষতিগ্রস্ত হচ্ছে বাংলাদেশের উত্তরাঞ্চলের মানুষের জীবন ও জীবিকা তিস্তা নদীর উপর নির্ভরশীল এবং সরকার এই অঞ্চলের উন্নয়নে বিভিন্ন সময় নানা প্রতিশ্রুতি দিয়েছে যা বাস্তবায়নের অপেক্ষায় রয়েছে কৃষি সেচ মৎস্য ও নৌ যোগাযোগ সব ক্ষেত্রেই এর প্রভাব ব্যাপক শুষ্ক মৌসুমে পানির অভাব এবং বর্ষায় বন্যা দুটোই মানুষের দুর্ভোগ বাড়ায় তাই টেকসই পরিকল্পনা প্রয়োজন আন্তর্জাতিক বাজারে জ্বালানি তেলের দাম বৃদ্ধির ফলে পরিবহন উৎপাদন ও বিদ্যুৎ খাতে ব্যয় বেড়েছে যার প্রভাব পড়ছে সাধারণ মানুষের উপর নিত্যপ্রয়োজনীয় পণ্যের দাম বেড়ে যাওয়ায় নিম্ন আয়ের পরিবার সবচেয়ে বেশি ক্ষতিগ্রস্ত হচ্ছে বাংলাদেশের উত্তরাঞ্চলের মানুষের জীবন ও জীবিকা তিস্তা নদীর উপর নির্ভরশীল এবং সরকার এই অঞ্চলের উন্নয়নে বিভিন্ন সময় নানা প্রতিশ্রুতি দিয়েছে যা বাস্তবায়নের অপেক্ষায় রয়েছে কৃষি সেচ মৎস্য ও নৌ যোগাযোগ সব ক্ষেত্রেই এর প্রভাব ব্যাপক শুষ্ক মৌসুমে পানির অভাব এবং বর্ষায় বন্যা দুটোই মানুষের দুর্ভোগ বাড়ায় তাই টেকসই পরিকল্পনা প্রয়োজন আন্তর্জাতিক বাজারে জ্বালানি তেলের দাম বৃদ্ধির ফলে পরিবহন উৎপাদন ও বিদ্যুৎ খাতে ব্যয় বেড়েছে যার প্রভাব পড়ছে সাধারণ মানুষের উপর নিত্যপ্রয়োজনীয় পণ্যের দাম বেড়ে যাওয়ায় নিম্ন আয়ের পরিবার সবচেয়ে বেশি ক্ষতিগ্রস্ত হচ্ছে বাংলাদেশের উত্তরাঞ্চলের মানুষের জীবন ও জীবিকা তিস্তা নদীর উপর নির্ভরশীল এবং সরকার এই অঞ্চলের উন্নয়নে বিভিন্ন সময় নানা প্রতিশ্রুতি দিয়েছে যা বাস্তবায়নের অপেক্ষায় রয়েছে কৃষি সেচ মৎস্য ও নৌ যোগাযোগ সব ক্ষেত্রেই এর প্রভাব ব্যাপক শুষ্ক মৌসুমে পানির অভাব এবং বর্ষায় বন্যা দুটোই মানুষের দুর্ভোগ বাড়ায় তাই টেকসই পরিকল্পনা প্রয়োজন আন্তর্জাতিক বাজারে জ্বালানি তেলের দাম বৃদ্ধির ফলে পরিবহন উৎপাদন ও বিদ্যুৎ খাতে ব্যয় বেড়েছে যার প্রভাব পড়ছে সাধারণ মানুষের উপর নিত্যপ্রয়োজনীয় পণ্যের দাম বেড়ে যাওয়ায় নিম্ন আয়ের পরিবার সবচেয়ে বেশি ক্ষতিগ্রস্ত হচ্ছে বাংলাদেশের উত্তরাঞ্চলের মানুষের জীবন ও জীবিকা তিস্তা নদীর উপর নির্ভরশীল এবং সরকার এই অঞ্চলের উন্নয়নে বিভিন্ন সময় নানা প্রতিশ্রুতি দিয়েছে যা বাস্তবায়নের অপেক্ষায় রয়েছে কৃষি সেচ মৎস্য ও নৌ যোগাযোগ সব ক্ষেত্রেই এর প্রভাব ব্যাপক শুষ্ক মৌসুমে পানির অভাব এবং বর্ষায় বন্যা দুটোই মানুষের দুর্ভোগ বাড়ায় তাই টেকসই পরিকল্পনা প্রয়োজন আন্তর্জাতিক বাজারে জ্বালানি তেলের দাম বৃদ্ধির ফলে পরিবহন উৎপাদন ও বিদ্যুৎ খাতে ব্যয় বেড়েছে যার প্রভাব পড়ছে সাধারণ মানুষের উপর নিত্যপ্রয়োজনীয় পণ্যের দাম বেড়ে যাওয়ায় নিম্ন আয়ের পরিবার সবচেয়ে বেশি ক্ষতিগ্রস্ত হচ্ছে বাংলাদেশের উত্তরাঞ্চলের মানুষের জীবন ও জীবিকা তিস্তা নদীর উপর নির্ভরশীল এবং সরকার এই অঞ্চলের উন্নয়নে বিভিন্ন সময় নানা প্রতিশ্রুতি দিয়েছে যা বাস্তবায়নের অপেক্ষায় রয়েছে কৃষি সেচ মৎস্য ও নৌ যোগাযোগ সব ক্ষেত্রেই এর প্রভাব ব্যাপক শুষ্ক মৌসুমে পানির অভাব এবং বর্ষায় বন্যা দুটোই মানুষের দুর্ভোগ বাড়ায় তাই টেকসই পরিকল্পনা প্রয়োজন আন্তর্জাতিক বাজারে জ্বালানি তেলের দাম বৃদ্ধির ফলে পরিবহন উৎপাদন ও বিদ্যুৎ খাতে ব্যয় বেড়েছে যার প্রভাব পড়ছে সাধারণ মানুষের উপর নিত্যপ্রয়োজনীয় পণ্যের দাম
বাংলাদেশের উত্তরাঞ্চলের মানুষের জীবন ও জীবিকা তিস্তা নদীর উপর নির্ভরশীল এবং সরকার এই অঞ্চলের উন্নয়নে বিভিন্ন সময় নানা প্রতিশ্রুতি দিয়েছে যা বাস্তবায়নের অপেক্ষায় রয়েছে কৃষি সেচ মৎস্য ও নৌ যোগাযোগ সব ক্ষেত্রেই এর প্রভাব ব্যাপক শুষ্ক মৌসুমে পানির অভাব এবং বর্ষায় বন্যা দুটোই মানুষের দুর্ভোগ বাড়ায় তাই টেকসই পরিকল্পনা প্রয়োজন আন্তর্জাতিক বাজারে জ্বালানি তেলের দাম বৃদ্ধির ফলে পরিবহন উৎপাদন ও বিদ্যুৎ খাতে ব্যয় বেড়েছে যার প্রভাব পড়ছে সাধারণ মানুষের উপর নিত্যপ্রয়োজনীয় পণ্যের দাম বেড়ে যাওয়ায় নিম্ন আয়ের পরিবার সবচেয়ে বেশি ক্ষতিগ্রস্ত হচ্ছে বাংলাদেশের উত্তরাঞ্চলের মানুষের জীবন ও জীবিকা তিস্তা নদীর উপর নির্ভরশীল এবং সরকার এই অঞ্চলের উন্নয়নে বিভিন্ন সময় নানা প্রতিশ্রুতি দিয়েছে যা বাস্তবায়নের অপেক্ষায় রয়েছে কৃষি সেচ মৎস্য ও নৌ যোগাযোগ সব ক্ষেত্রেই এর প্রভাব ব্যাপক শুষ্ক মৌসুমে পানির অভাব এবং বর্ষায় বন্যা দুটোই মানুষের দুর্ভোগ বাড়ায় তাই টেকসই পরিকল্পনা প্রয়োজন আন্তর্জাতিক বাজারে জ্বালানি তেলের দাম বৃদ্ধির ফলে পরিবহন উৎপাদন ও বিদ্যুৎ খাতে ব্যয় বেড়েছে যার প্রভাব পড়ছে সাধারণ মানুষের উপর নিত্যপ্রয়োজনীয় পণ্যের দাম বেড়ে যাওয়ায় নিম্ন আয়ের পরিবার সবচেয়ে বেশি ক্ষতিগ্রস্ত হচ্ছে বাংলাদেশের উত্তরাঞ্চলের মানুষের জীবন ও জীবিকা তিস্তা নদীর উপর নির্ভরশীল এবং সরকার এই অঞ্চলের উন্নয়নে বিভিন্ন সময় নানা প্রতিশ্রুতি দিয়েছে যা বাস্তবায়নের অপেক্ষায় রয়েছে কৃষি সেচ মৎস্য ও নৌ যোগাযোগ সব ক্ষেত্রেই এর প্রভাব ব্যাপক শুষ্ক মৌসুমে পানির অভাব এবং বর্ষায় বন্যা দুটোই মানুষের দুর্ভোগ বাড়ায় তাই টেকসই পরিকল্পনা প্রয়োজন আন্তর্জাতিক বাজারে জ্বালানি তেলের দাম বৃদ্ধির ফলে পরিবহন উৎপাদন ও বিদ্যুৎ খাতে ব্যয় বেড়েছে যার প্রভাব পড়ছে সাধারণ মানুষের উপর নিত্যপ্রয়োজনীয় পণ্যের দাম বেড়ে যাওয়ায় নিম্ন আয়ের পরিবার সবচেয়ে বেশি ক্ষতিগ্রস্ত হচ্ছে বাংলাদেশের উত্তরাঞ্চলের মানুষের জীবন ও জীবিকা তিস্তা নদীর উপর নির্ভরশীল এবং সরকার এই অঞ্চলের উন্নয়নে বিভিন্ন সময় নানা প্রতিশ্রুতি দিয়েছে যা বাস্তবায়নের অপেক্ষায় রয়েছে কৃষি সেচ মৎস্য ও নৌ যোগাযোগ সব ক্ষেত্রেই এর প্রভাব ব্যাপক শুষ্ক মৌসুমে পানির অভাব এবং বর্ষায় বন্যা দুটোই মানুষের দুর্ভোগ বাড়ায় তাই টেকসই পরিকল্পনা প্রয়োজন আন্তর্জাতিক বাজারে জ্বালানি তেলের দাম বৃদ্ধির ফলে পরিবহন উৎপাদন ও বিদ্যুৎ খাতে ব্যয় বেড়েছে যার প্রভাব পড়ছে সাধারণ মানুষের উপর নিত্যপ্রয়োজনীয় পণ্যের দাম বেড়ে যাওয়ায় নিম্ন আয়ের পরিবার সবচেয়ে বেশি ক্ষতিগ্রস্ত হচ্ছে বাংলাদেশের উত্তরাঞ্চলের মানুষের জীবন ও জীবিকা তিস্তা নদীর উপর নির্ভরশীল এবং সরকার এই অঞ্চলের উন্নয়নে বিভিন্ন সময় নানা প্রতিশ্রুতি দিয়েছে যা বাস্তবায়নের অপেক্ষায় রয়েছে কৃষি সেচ মৎস্য ও নৌ যোগাযোগ সব ক্ষেত্রেই এর প্রভাব ব্যাপক শুষ্ক মৌসুমে পানির অভাব এবং বর্ষায় বন্যা দুটোই মানুষের দুর্ভোগ বাড়ায় তাই টেকসই পরিকল্পনা প্রয়োজন আন্তর্জাতিক বাজারে জ্বালানি তেলের দাম বৃদ্ধির ফলে পরিবহন উৎপাদন ও বিদ্যুৎ খাতে ব্যয় বেড়েছে যার প্রভাব পড়ছে সাধারণ মানুষের উপর নিত্যপ্রয়োজনীয় পণ্যের দাম বেড়ে যাওয়ায় নিম্ন আয়ের পরিবার সবচেয়ে বেশি ক্ষতিগ্রস্ত হচ্ছে বাংলাদেশের উত্তরাঞ্চলের মানুষের জীবন ও জীবিকা তিস্তা নদীর উপর নির্ভরশীল এবং সরকার এই অঞ্চলের উন্নয়নে বিভিন্ন সময় নানা প্রতিশ্রুতি দিয়েছে যা বাস্তবায়নের অপেক্ষায় রয়েছে কৃষি সেচ মৎস্য ও নৌ যোগাযোগ সব ক্ষেত্রেই এর প্রভাব ব্যাপক শুষ্ক মৌসুমে পানির অভাব এবং বর্ষায় বন্যা দুটোই মানুষের দুর্ভোগ বাড়ায় তাই টেকসই পরিকল্পনা প্রয়োজন আন্তর্জাতিক বাজারে জ্বালানি তেলের দাম বৃদ্ধির ফলে পরিবহন উৎপাদন ও বিদ্যুৎ খাতে ব্যয় বেড়েছে যার প্রভাব পড়ছে সাধারণ মানুষের উপর নিত্যপ্রয়োজনীয় পণ্যের দাম
বাংলাদেশের উত্তরাঞ্চলের মানুষের জীবন ও জীবিকা তিস্তা নদীর উপর নির্ভরশীল এবং সরকার এই অঞ্চলের উন্নয়নে বিভিন্ন সময় নানা প্রতিশ্রুতি দিয়েছে যা বাস্তবায়নের অপেক্ষায় রয়েছে কৃষি সেচ মৎস্য ও নৌ যোগাযোগ সব ক্ষেত্রেই এর প্রভাব ব্যাপক শুষ্ক মৌসুমে পানির অভাব এবং বর্ষায় বন্যা দুটোই মানুষের দুর্ভোগ বাড়ায় তাই টেকসই পরিকল্পনা প্রয়োজন আন্তর্জাতিক বাজারে জ্বালানি তেলের দাম বৃদ্ধির ফলে পরিবহন উৎপাদন ও বিদ্যুৎ খাতে ব্যয় বেড়েছে যার প্রভাব পড়ছে সাধারণ মানুষের উপর নিত্যপ্রয়োজনীয় পণ্যের দাম বেড়ে যাওয়ায় নিম্ন আয়ের পরিবার সবচেয়ে বেশি ক্ষতিগ্রস্ত হচ্ছে বাংলাদেশের উত্তরাঞ্চলের মানুষের জীবন ও জীবিকা তিস্তা নদীর উপর নির্ভরশীল এবং সরকার এই অঞ্চলের উন্নয়নে বিভিন্ন সময় নানা প্রতিশ্রুতি দিয়েছে যা বাস্তবায়নের অপেক্ষায় রয়েছে কৃষি সেচ মৎস্য ও নৌ যোগাযোগ সব ক্ষেত্রেই এর প্রভাব ব্যাপক শুষ্ক মৌসুমে পানির অভাব এবং বর্ষায় বন্যা দুটোই মানুষের দুর্ভোগ বাড়ায় তাই টেকসই পরিকল্পনা প্রয়োজন আন্তর্জাতিক বাজারে জ্বালানি তেলের দাম বৃদ্ধির ফলে পরিবহন উৎপাদন ও বিদ্যুৎ খাতে ব্যয় বেড়েছে যার প্রভাব পড়ছে সাধারণ মানুষের উপর নিত্যপ্রয়োজনীয় পণ্যের দাম বেড়ে যাওয়ায় নিম্ন আয়ের পরিবার সবচেয়ে বেশি ক্ষতিগ্রস্ত হচ্ছে বাংলাদেশের উত্তরাঞ্চলের মানুষের জীবন ও জীবিকা তিস্তা নদীর উপর নির্ভরশীল এবং সরকার এই অঞ্চলের উন্নয়নে বিভিন্ন সময় নানা প্রতিশ্রুতি দিয়েছে যা বাস্তবায়নের অপেক্ষায় রয়েছে কৃষি সেচ মৎস্য ও নৌ যোগাযোগ সব ক্ষেত্রেই এর প্রভাব ব্যাপক শুষ্ক মৌসুমে পানির অভাব এবং বর্ষায় বন্যা দুটোই মানুষের দুর্ভোগ বাড়ায় তাই টেকসই পরিকল্পনা প্রয়োজন আন্তর্জাতিক বাজারে জ্বালানি তেলের দাম বৃদ্ধির ফলে পরিবহন উৎপাদন ও বিদ্যুৎ খাতে ব্যয় বেড়েছে যার প্রভাব পড়ছে সাধারণ মানুষের উপর নিত্যপ্রয়োজনীয় পণ্যের দাম বেড়ে যাওয়ায় নিম্ন আয়ের পরিবার সবচেয়ে বেশি ক্ষতিগ্রস্ত হচ্ছে বাংলাদেশের উত্তরাঞ্চলের মানুষের জীবন ও জীবিকা তিস্তা নদীর উপর নির্ভরশীল এবং সরকার এই অঞ্চলের উন্নয়নে বিভিন্ন সময় নানা প্রতিশ্রুতি দিয়েছে যা বাস্তবায়নের অপেক্ষায় রয়েছে কৃষি সেচ মৎস্য ও নৌ যোগাযোগ সব ক্ষেত্রেই এর প্রভাব ব্যাপক শুষ্ক মৌসুমে পানির অভাব এবং বর্ষায় বন্যা দুটোই মানুষের দুর্ভোগ বাড়ায় তাই টেকসই পরিকল্পনা প্রয়োজন আন্তর্জাতিক বাজারে জ্বালানি তেলের দাম বৃদ্ধির ফলে পরিবহন উৎপাদন ও বিদ্যুৎ খাতে ব্যয় বেড়েছে যার প্রভাব পড়ছে সাধারণ মানুষের উপর নিত্যপ্রয়োজনীয় পণ্যের দাম বেড়ে যাওয়ায় নিম্ন আয়ের পরিবার সবচেয়ে বেশি ক্ষতিগ্রস্ত হচ্ছে বাংলাদেশের উত্তরাঞ্চলের মানুষের জীবন ও জীবিকা তিস্তা নদীর উপর নির্ভরশীল এবং সরকার এই অঞ্চলের উন্নয়নে বিভিন্ন সময় নানা প্রতিশ্রুতি দিয়েছে যা বাস্তবায়নের অপেক্ষায় রয়েছে কৃষি সেচ মৎস্য ও নৌ যোগাযোগ সব ক্ষেত্রেই এর প্রভাব ব্যাপক শুষ্ক মৌসুমে পানির অভাব এবং বর্ষায় বন্যা দুটোই মানুষের দুর্ভোগ বাড়ায় তাই টেকসই পরিকল্পনা প্রয়োজন আন্তর্জাতিক বাজারে জ্বালানি তেলের দাম বৃদ্ধির ফলে পরিবহন উৎপাদন ও বিদ্যুৎ খাতে ব্যয় বেড়েছে যার প্রভাব পড়ছে সাধারণ মানুষের উপর নিত্যপ্রয়োজনীয় পণ্যের দাম বেড়ে যাওয়ায় নিম্ন আয়ের পরিবার সবচেয়ে বেশি ক্ষতিগ্রস্ত হচ্ছে বাংলাদেশের উত্তরাঞ্চলের মানুষের জীবন ও জীবিকা তিস্তা নদীর উপর নির্ভরশীল এবং সরকার এই অঞ্চলের উন্নয়নে বিভিন্ন সময় নানা প্রতিশ্রুতি দিয়েছে যা বাস্তবায়নের অপেক্ষায় রয়েছে কৃষি সেচ মৎস্য ও নৌ যোগাযোগ সব ক্ষেত্রেই এর প্রভাব ব্যাপক শুষ্ক মৌসুমে পানির অভাব এবং বর্ষায় বন্যা দুটোই মানুষের দুর্ভোগ বাড়ায় তাই টেকসই পরিকল্পনা প্রয়োজন আন্তর্জাতিক বাজারে জ্বালানি তেলের দাম বৃদ্ধির ফলে পরিবহন উৎপাদন ও বিদ্যুৎ খাতে ব্যয় বেড়েছে যার প্রভাব পড়ছে সাধারণ মানুষের উপর নিত্যপ্রয়োজনীয় পণ্যের দাম
দৃষ্টি
আকর্ষণ
তেলের দাম বাড়লেই কেন পুড়ে যায় গরিবের সংসার
মোঃ শামীম মিয়া
বাংলাদেশের উত্তরাঞ্চলের মানুষের জীবন ও জীবিকা তিস্তা নদীর উপর নির্ভরশীল এবং সরকার এই অঞ্চলের উন্নয়নে বিভিন্ন সময় নানা প্রতিশ্রুতি দিয়েছে যা বাস্তবায়নের অপেক্ষায় রয়েছে কৃষি সেচ মৎস্য ও নৌ যোগাযোগ সব ক্ষেত্রেই এর প্রভাব ব্যাপক শুষ্ক মৌসুমে পানির অভাব এবং বর্ষায় বন্যা দুটোই মানুষের দুর্ভোগ বাড়ায় তাই টেকসই পরিকল্পনা প্রয়োজন আন্তর্জাতিক বাজারে জ্বালানি তেলের দাম বৃদ্ধির ফলে পরিবহন উৎপাদন ও বিদ্যুৎ খাতে ব্যয় বেড়েছে যার প্রভাব পড়ছে সাধারণ মানুষের উপর নিত্যপ্রয়োজনীয় পণ্যের দাম বেড়ে যাওয়ায় নিম্ন আয়ের পরিবার সবচেয়ে বেশি ক্ষতিগ্রস্ত হচ্ছে বাংলাদেশের উত্তরাঞ্চলের মানুষের জীবন ও জীবিকা তিস্তা নদীর উপর নির্ভরশীল এবং সরকার এই অঞ্চলের উন্নয়নে বিভিন্ন সময় নানা প্রতিশ্রুতি দিয়েছে যা বাস্তবায়নের অপেক্ষায় রয়েছে কৃষি সেচ মৎস্য ও নৌ যোগাযোগ সব ক্ষেত্রেই এর প্রভাব ব্যাপক শুষ্ক মৌসুমে পানির অভাব এবং বর্ষায় বন্যা দুটোই মানুষের দুর্ভোগ বাড়ায় তাই টেকসই পরিকল্পনা প্রয়োজন আন্তর্জাতিক বাজারে জ্বালানি তেলের দাম বৃদ্ধির ফলে পরিবহন উৎপাদন ও বিদ্যুৎ খাতে ব্যয় বেড়েছে যার প্রভাব পড়ছে সাধারণ মানুষের উপর নিত্যপ্রয়োজনীয় পণ্যের দাম বেড়ে যাওয়ায় নিম্ন আয়ের পরিবার সবচেয়ে বেশি ক্ষতিগ্রস্ত হচ্ছে বাংলাদেশের উত্তরাঞ্চলের মানুষের জীবন ও জীবিকা তিস্তা নদীর উপর নির্ভরশীল এবং সরকার এই অঞ্চলের উন্নয়নে বিভিন্ন সময় নানা প্রতিশ্রুতি দিয়েছে যা বাস্তবায়নের অপেক্ষায় রয়েছে কৃষি সেচ মৎস্য ও নৌ যোগাযোগ সব ক্ষেত্রেই এর প্রভাব ব্যাপক শুষ্ক মৌসুমে পানির অভাব এবং বর্ষায় বন্যা দুটোই মানুষের দুর্ভোগ বাড়ায় তাই টেকসই পরিকল্পনা প্রয়োজন আন্তর্জাতিক বাজারে জ্বালানি তেলের দাম বৃদ্ধির ফলে পরিবহন উৎপাদন ও বিদ্যুৎ খাতে ব্যয় বেড়েছে যার প্রভাব পড়ছে সাধারণ মানুষের উপর নিত্যপ্রয়োজনীয় পণ্যের দাম বেড়ে যাওয়ায় নিম্ন আয়ের পরিবার সবচেয়ে বেশি ক্ষতিগ্রস্ত হচ্ছে বাংলাদেশের উত্তরাঞ্চলের মানুষের জীবন ও জীবিকা তিস্তা নদীর উপর নির্ভরশীল এবং সরকার এই অঞ্চলের উন্নয়নে বিভিন্ন সময় নানা প্রতিশ্রুতি দিয়েছে যা বাস্তবায়নের অপেক্ষায় রয়েছে কৃষি সেচ মৎস্য ও নৌ যোগাযোগ সব ক্ষেত্রেই এর প্রভাব ব্যাপক শুষ্ক মৌসুমে পানির অভাব এবং বর্ষায় বন্যা দুটোই মানুষের দুর্ভোগ বাড়ায় তাই টেকসই পরিকল্পনা প্রয়োজন আন্তর্জাতিক বাজারে জ্বালানি তেলের দাম বৃদ্ধির ফলে পরিবহন উৎপাদন ও বিদ্যুৎ খাতে ব্যয় বেড়েছে যার প্রভাব পড়ছে সাধারণ মানুষের উপর নিত্যপ্রয়োজনীয় পণ্যের দাম বেড়ে যাওয়ায় নিম্ন আয়ের পরিবার সবচেয়ে বেশি ক্ষতিগ্রস্ত হচ্ছে বাংলাদেশের উত্তরাঞ্চলের মানুষের জীবন ও জীবিকা তিস্তা নদীর উপর নির্ভরশীল এবং সরকার এই অঞ্চলের উন্নয়নে বিভিন্ন সময় নানা প্রতিশ্রুতি দিয়েছে যা বাস্তবায়নের অপেক্ষায় রয়েছে কৃষি সেচ মৎস্য ও নৌ যোগাযোগ সব ক্ষেত্রেই এর প্রভাব ব্যাপক শুষ্ক মৌসুমে পানির অভাব এবং বর্ষায় বন্যা দুটোই মানুষের দুর্ভোগ বাড়ায় তাই টেকসই পরিকল্পনা প্রয়োজন আন্তর্জাতিক বাজারে জ্বালানি তেলের দাম বৃদ্ধির ফলে পরিবহন উৎপাদন ও বিদ্যুৎ খাতে ব্যয় বেড়েছে যার প্রভাব পড়ছে সাধারণ মানুষের উপর নিত্যপ্রয়োজনীয় পণ্যের দাম বেড়ে যাওয়ায় নিম্ন আয়ের পরিবার সবচেয়ে বেশি ক্ষতিগ্রস্ত হচ্ছে বাংলাদেশের উত্তরাঞ্চলের মানুষের জীবন ও জীবিকা তিস্তা নদীর উপর নির্ভরশীল এবং সরকার এই অঞ্চলের উন্নয়নে বিভিন্ন সময় নানা প্রতিশ্রুতি দিয়েছে যা বাস্তবায়নের অপেক্ষায় রয়েছে কৃষি সেচ মৎস্য ও নৌ যোগাযোগ সব ক্ষেত্রেই এর প্রভাব ব্যাপক শুষ্ক মৌসুমে পানির অভাব এবং বর্ষায় বন্যা দুটোই মানুষের দুর্ভোগ বাড়ায় তাই টেকসই পরিকল্পনা প্রয়োজন আন্তর্জাতিক বাজারে জ্বালানি তেলের দাম বৃদ্ধির ফলে পরিবহন উৎপাদন ও বিদ্যুৎ খাতে ব্যয় বেড়েছে যার প্রভাব পড়ছে সাধারণ মানুষের উপর নিত্যপ্রয়োজনীয় পণ্যের দাম বেড়ে যাওয়ায় নিম্ন আয়ের পরিবার সবচেয়ে বেশি ক্ষতিগ্রস্ত হচ্ছে বাংলাদেশের উত্তরাঞ্চলের মানুষের জীবন ও জীবিকা তিস্তা নদীর উপর নির্ভরশীল এবং সরকার এই অঞ্চলের উন্নয়নে বিভিন্ন সময় নানা প্রতিশ্রুতি দিয়েছে যা বাস্তবায়নের অপেক্ষায় রয়েছে কৃষি সেচ মৎস্য ও নৌ যোগাযোগ সব ক্ষেত্রেই এর প্রভাব ব্যাপক শুষ্ক মৌসুমে পানির অভাব এবং বর্ষায় বন্যা দুটোই মানুষের দুর্ভোগ বাড়ায় তাই টেকসই পরিকল্পনা প্রয়োজন আন্তর্জাতিক বাজারে জ্বালানি তেলের দাম বৃদ্ধির ফলে পরিবহন উৎপাদন ও বিদ্যুৎ খাতে ব্যয় বেড়েছে যার প্রভাব পড়ছে সাধারণ মানুষের উপর নিত্যপ্রয়োজনীয় পণ্যের দাম বেড়ে যাওয়ায় নিম্ন আয়ের পরিবার সবচেয়ে বেশি ক্ষতিগ্রস্ত হচ্ছে বাংলাদেশের উত্তরাঞ্চলের মানুষের জীবন ও জীবিকা তিস্তা নদীর উপর নির্ভরশীল এবং সরকার এই অঞ্চলের উন্নয়নে বিভিন্ন সময় নানা প্রতিশ্রুতি দিয়েছে যা বাস্তবায়নের অপেক্ষায় রয়েছে কৃষি সেচ মৎস্য ও নৌ যোগাযোগ সব ক্ষেত্রেই এর প্রভাব ব্যাপক শুষ্ক মৌসুমে পানির অভাব এবং বর্ষায় বন্যা দুটোই মানুষের দুর্ভোগ বাড়ায় তাই টেকসই পরিকল্পনা প্রয়োজন আন্তর্জাতিক বাজারে জ্বালানি তেলের দাম বৃদ্ধির ফলে পরিবহন উৎপাদন ও বিদ্যুৎ খাতে ব্যয় বেড়েছে যার প্রভাব পড়ছে সাধারণ মানুষের উপর নিত্যপ্রয়োজনীয় পণ্যের দাম বেড়ে যাওয়ায় নিম্ন আয়ের পরিবার সবচেয়ে বেশি ক্ষতিগ্রস্ত হচ্ছে বাংলাদেশের উত্তরাঞ্চলের মানুষের জীবন ও জীবিকা তিস্তা নদীর উপর নির্ভরশীল এবং সরকার এই অঞ্চলের উন্নয়নে বিভিন্ন সময় নানা প্রতিশ্রুতি দিয়েছে যা বাস্তবায়নের অপেক্ষায় রয়েছে কৃষি সেচ মৎস্য ও নৌ যোগাযোগ সব ক্ষেত্রেই এর প্রভাব ব্যাপক শুষ্ক মৌসুমে পানির অভাব এবং বর্ষায় বন্যা দুটোই মানুষের দুর্ভোগ বাড়ায় তাই টেকসই পরিকল্পনা প্রয়োজন আন্তর্জাতিক বাজারে জ্বালানি তেলের দাম বৃদ্ধির ফলে পরিবহন উৎপাদন ও বিদ্যুৎ খাতে ব্যয় বেড়েছে যার প্রভাব পড়ছে সাধারণ মানুষের উপর নিত্যপ্রয়োজনীয় পণ্যের দাম বেড়ে যাওয়ায় নিম্ন আয়ের পরিবার সবচেয়ে বেশি ক্ষতিগ্রস্ত হচ্ছে বাংলাদেশের উত্তরাঞ্চলের মানুষের জীবন ও জীবিকা তিস্তা নদীর উপর নির্ভরশীল এবং সরকার এই অঞ্চলের উন্নয়নে বিভিন্ন সময় নানা প্রতিশ্রুতি দিয়েছে যা বাস্তবায়নের অপেক্ষায় রয়েছে কৃষি সেচ মৎস্য ও নৌ যোগাযোগ সব ক্ষেত্রেই এর প্রভাব ব্যাপক শুষ্ক মৌসুমে পানির অভাব এবং বর্ষায় বন্যা দুটোই মানুষের দুর্ভোগ বাড়ায় তাই টেকসই পরিকল্পনা প্রয়োজন আন্তর্জাতিক বাজারে জ্বালানি তেলের দাম বৃদ্ধির ফলে পরিবহন উৎপাদন ও বিদ্যুৎ খাতে ব্যয় বেড়েছে যার প্রভাব পড়ছে সাধারণ মানুষের উপর নিত্যপ্রয়োজনীয় পণ্যের দাম বেড়ে যাওয়ায় নিম্ন আয়ের পরিবার সবচেয়ে বেশি ক্ষতিগ্রস্ত হচ্ছে বাংলাদেশের উত্তরাঞ্চলের মানুষের জীবন ও জীবিকা তিস্তা নদীর উপর নির্ভরশীল এবং সরকার এই অঞ্চলের উন্নয়নে বিভিন্ন সময় নানা প্রতিশ্রুতি দিয়েছে যা বাস্তবায়নের অপেক্ষায় রয়েছে কৃষি সেচ মৎস্য ও নৌ যোগাযোগ সব ক্ষেত্রেই এর প্রভাব ব্যাপক শুষ্ক মৌসুমে পানির অভাব এবং বর্ষায় বন্যা দুটোই মানুষের দুর্ভোগ বাড়ায় তাই টেকসই পরিকল্পনা প্রয়োজন আন্তর্জাতিক বাজারে জ্বালানি তেলের দাম বৃদ্ধির ফলে পরিবহন উৎপাদন ও বিদ্যুৎ খাতে ব্যয় বেড়েছে যার প্রভাব পড়ছে সাধারণ মানুষের উপর নিত্যপ্রয়োজনীয় পণ্যের দাম বেড়ে যাওয়ায় নিম্ন আয়ের পরিবার সবচেয়ে বেশি ক্ষতিগ্রস্ত হচ্ছে বাংলাদেশের উত্তরাঞ্চলের মানুষের জীবন ও জীবিকা তিস্তা নদীর উপর নির্ভরশীল এবং সরকার এই অঞ্চলের উন্নয়নে বিভিন্ন সময় নানা প্রতিশ্রুতি দিয়েছে যা বাস্তবায়নের অপেক্ষায় রয়েছে কৃষি সেচ মৎস্য ও নৌ যোগাযোগ সব ক্ষেত্রেই এর প্রভাব ব্যাপক শুষ্ক মৌসুমে পানির অভাব এবং বর্ষায় বন্যা দুটোই মানুষের দুর্ভোগ বাড়ায় তাই টেকসই পরিকল্পনা প্রয়োজন আন্তর্জাতিক বাজারে জ্বালানি তেলের দাম বৃদ্ধির ফলে পরিবহন উৎপাদন ও বিদ্যুৎ খাতে ব্যয় বেড়েছে যার প্রভাব পড়ছে সাধারণ মানুষের উপর নিত্যপ্রয়োজনীয় পণ্যের দাম বেড়ে যাওয়ায় নিম্ন আয়ের পরিবার সবচেয়ে বেশি ক্ষতিগ্রস্ত হচ্ছে বাংলাদেশের উত্তরাঞ্চলের মানুষের জীবন ও জীবিকা তিস্তা নদীর উপর নির্ভরশীল এবং সরকার এই অঞ্চলের উন্নয়নে বিভিন্ন সময় নানা প্রতিশ্রুতি দিয়েছে যা বাস্তবায়নের অপেক্ষায় রয়েছে কৃষি সেচ মৎস্য ও নৌ যোগাযোগ সব ক্ষেত্রেই এর প্রভাব ব্যাপক শুষ্ক মৌসুমে পানির অভাব এবং বর্ষায় বন্যা দুটোই মানুষের দুর্ভোগ বাড়ায় তাই টেকসই পরিকল্পনা প্রয়োজন আন্তর্জাতিক বাজারে জ্বালানি তেলের দাম বৃদ্ধির ফলে পরিবহন উৎপাদন ও বিদ্যুৎ খাতে ব্যয় বেড়েছে যার প্রভাব পড়ছে সাধারণ মানুষের উপর নিত্যপ্রয়োজনীয় পণ্যের দাম বেড়ে যাওয়ায় নিম্ন আয়ের পরিবার সবচেয়ে বেশি ক্ষতিগ্রস্ত হচ্ছে বাংলাদেশের উত্তরাঞ্চলের মানুষের জীবন ও জীবিকা তিস্তা নদীর উপর নির্ভরশীল এবং সরকার এই অঞ্চলের উন্নয়নে বিভিন্ন সময় নানা প্রতিশ্রুতি দিয়েছে যা বাস্তবায়নের অপেক্ষায় রয়েছে কৃষি সেচ মৎস্য ও নৌ যোগাযোগ সব ক্ষেত্রেই এর প্রভাব ব্যাপক শুষ্ক মৌসুমে পানির অভাব এবং বর্ষায় বন্যা দুটোই মানুষের দুর্ভোগ বাড়ায় তাই টেকসই পরিকল্পনা প্রয়োজন আন্তর্জাতিক বাজারে জ্বালানি তেলের দাম বৃদ্ধির ফলে পরিবহন উৎপাদন ও বিদ্যুৎ খাতে ব্যয় বেড়েছে যার প্রভাব পড়ছে সাধারণ মানুষের উপর নিত্যপ্রয়োজনীয় পণ্যের দাম বেড়ে যাওয়ায় নিম্ন আয়ের পরিবার সবচেয়ে বেশি ক্ষতিগ্রস্ত হচ্ছে বাংলাদেশের উত্তরাঞ্চলের মানুষের জীবন ও জীবিকা তিস্তা নদীর উপর নির্ভরশীল এবং সরকার এই অঞ্চলের উন্নয়নে বিভিন্ন সময় নানা প্রতিশ্রুতি দিয়েছে যা বাস্তবায়নের অপেক্ষায় রয়েছে কৃষি সেচ মৎস্য ও নৌ যোগাযোগ সব ক্ষেত্রেই এর প্রভাব ব্যাপক শুষ্ক মৌসুমে পানির অভাব এবং বর্ষায় বন্যা দুটোই মানুষের দুর্ভোগ বাড়ায় তাই টেকসই পরিকল্পনা প্রয়োজন আন্তর্জাতিক বাজারে জ্বালানি তেলের দাম বৃদ্ধির ফলে পরিবহন উৎপাদন ও বিদ্যুৎ খাতে ব্যয় বেড়েছে যার প্রভাব পড়ছে সাধারণ মানুষের উপর নিত্যপ্রয়োজনীয় পণ্যের দাম বেড়ে যাওয়ায় নিম্ন আয়ের পরিবার সবচেয়ে বেশি ক্ষতিগ্রস্ত হচ্ছে বাংলাদেশের উত্তরাঞ্চলের মানুষের জীবন ও জীবিকা তিস্তা নদীর উপর নির্ভরশীল এবং সরকার এই অঞ্চলের উন্নয়নে বিভিন্ন সময় নানা প্রতিশ্রুতি দিয়েছে যা বাস্তবায়নের অপেক্ষায় রয়েছে কৃষি সেচ মৎস্য ও নৌ যোগাযোগ সব ক্ষেত্রেই এর প্রভাব ব্যাপক শুষ্ক মৌসুমে পানির অভাব এবং বর্ষায় বন্যা দুটোই মানুষের দুর্ভোগ বাড়ায় তাই টেকসই পরিকল্পনা প্রয়োজন আন্তর্জাতিক বাজারে জ্বালানি তেলের দাম বৃদ্ধির ফলে প
